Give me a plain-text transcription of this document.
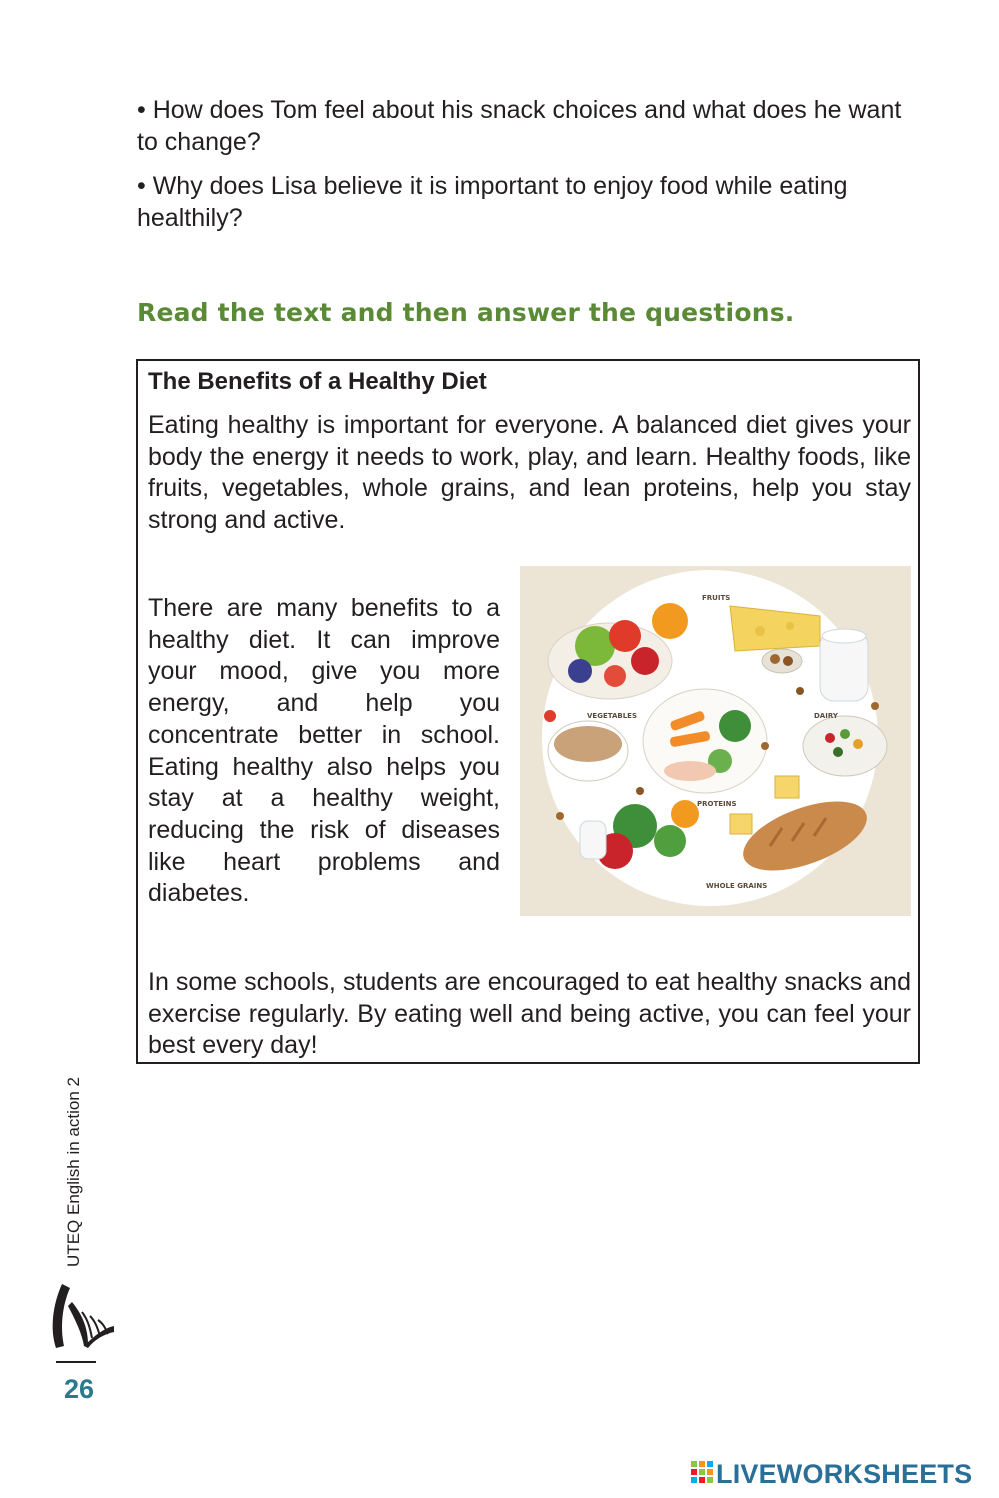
• How does Tom feel about his snack choices and what does he want to change?
• Why does Lisa believe it is important to enjoy food while eating healthily?
Read the text and then answer the questions.
The Benefits of a Healthy Diet
Eating healthy is important for everyone. A balanced diet gives your body the energy it needs to work, play, and learn. Healthy foods, like fruits, vegetables, whole grains, and lean proteins, help you stay strong and active.
There are many benefits to a healthy diet. It can improve your mood, give you more energy, and help you concentrate better in school. Eating healthy also helps you stay at a healthy weight, reducing the risk of diseases like heart problems and diabetes.
FRUITS
VEGETABLES	DAIRY
PROTEINS
WHOLE GRAINS
In some schools, students are encouraged to eat healthy snacks and exercise regularly. By eating well and being active, you can feel your best every day!
UTEQ English in action 2
26
LIVEWORKSHEETS
